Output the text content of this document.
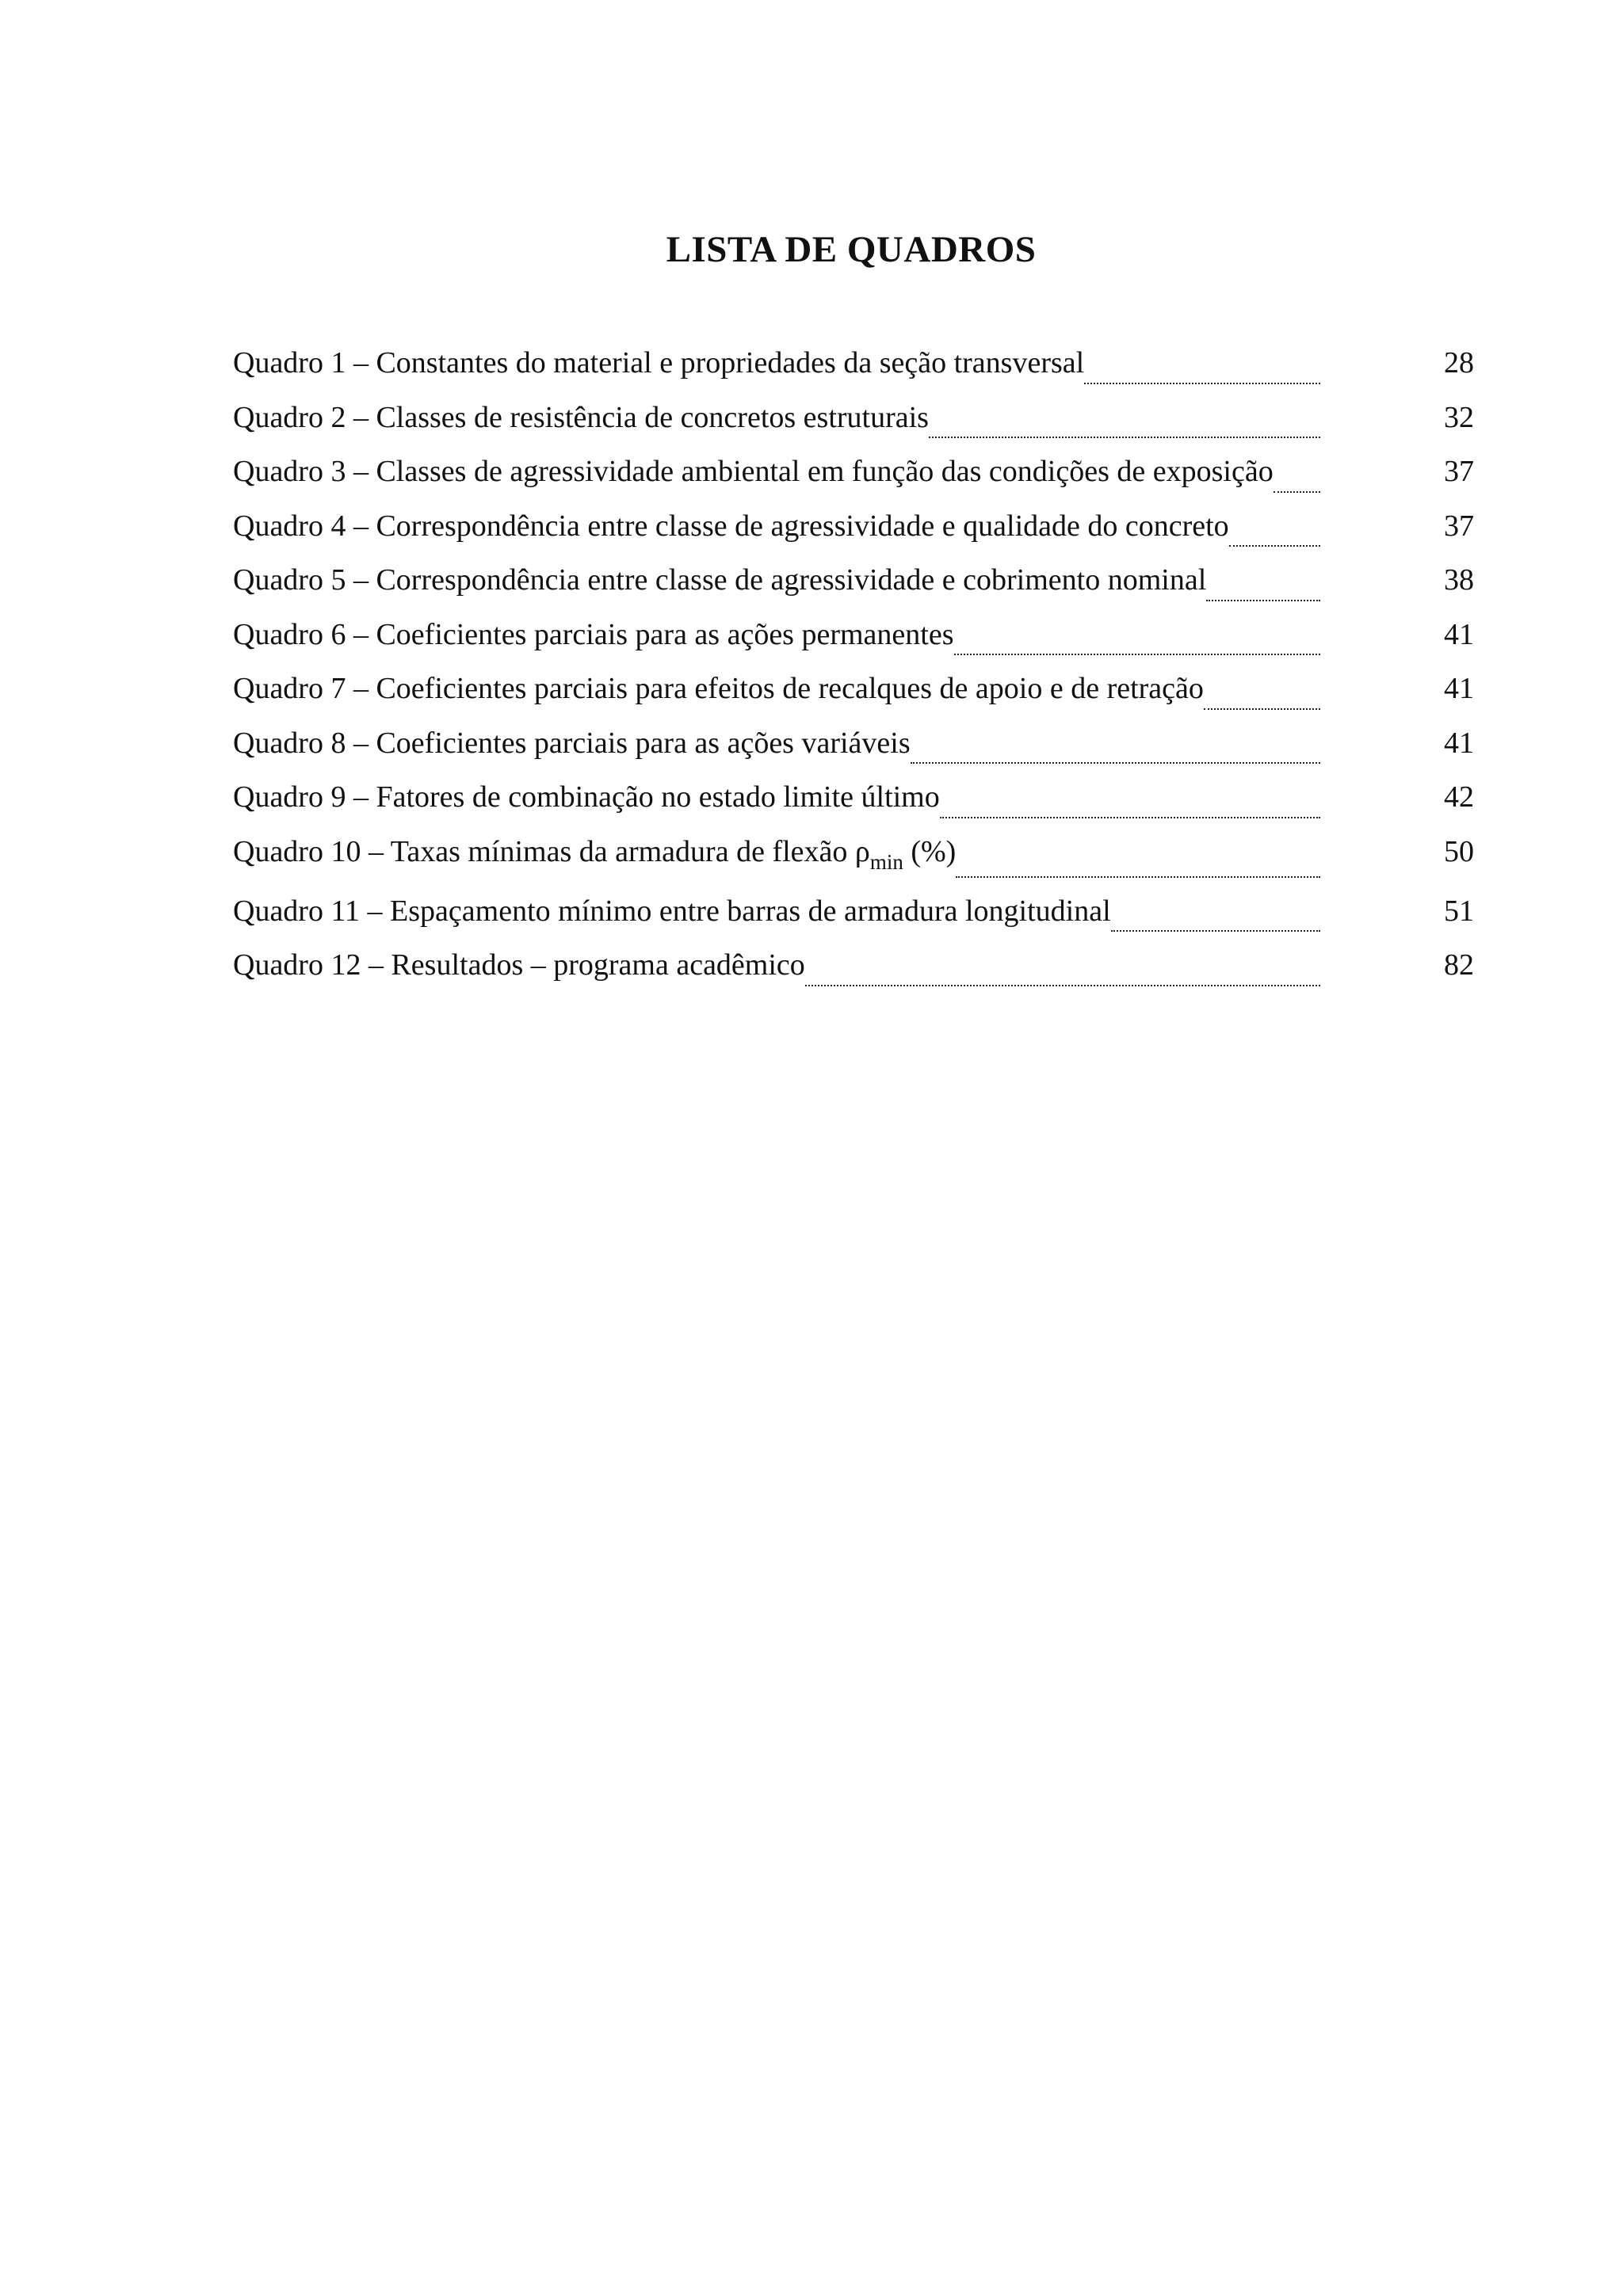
LISTA DE QUADROS
Quadro 1 – Constantes do material e propriedades da seção transversal	28
Quadro 2 – Classes de resistência de concretos estruturais	32
Quadro 3 – Classes de agressividade ambiental em função das condições de exposição	37
Quadro 4 – Correspondência entre classe de agressividade e qualidade do concreto	37
Quadro 5 – Correspondência entre classe de agressividade e cobrimento nominal	38
Quadro 6 – Coeficientes parciais para as ações permanentes	41
Quadro 7 – Coeficientes parciais para efeitos de recalques de apoio e de retração	41
Quadro 8 – Coeficientes parciais para as ações variáveis	41
Quadro 9 – Fatores de combinação no estado limite último	42
Quadro 10 – Taxas mínimas da armadura de flexão $\rho_{min}$ (%)	50
Quadro 11 – Espaçamento mínimo entre barras de armadura longitudinal	51
Quadro 12 – Resultados – programa acadêmico	82
